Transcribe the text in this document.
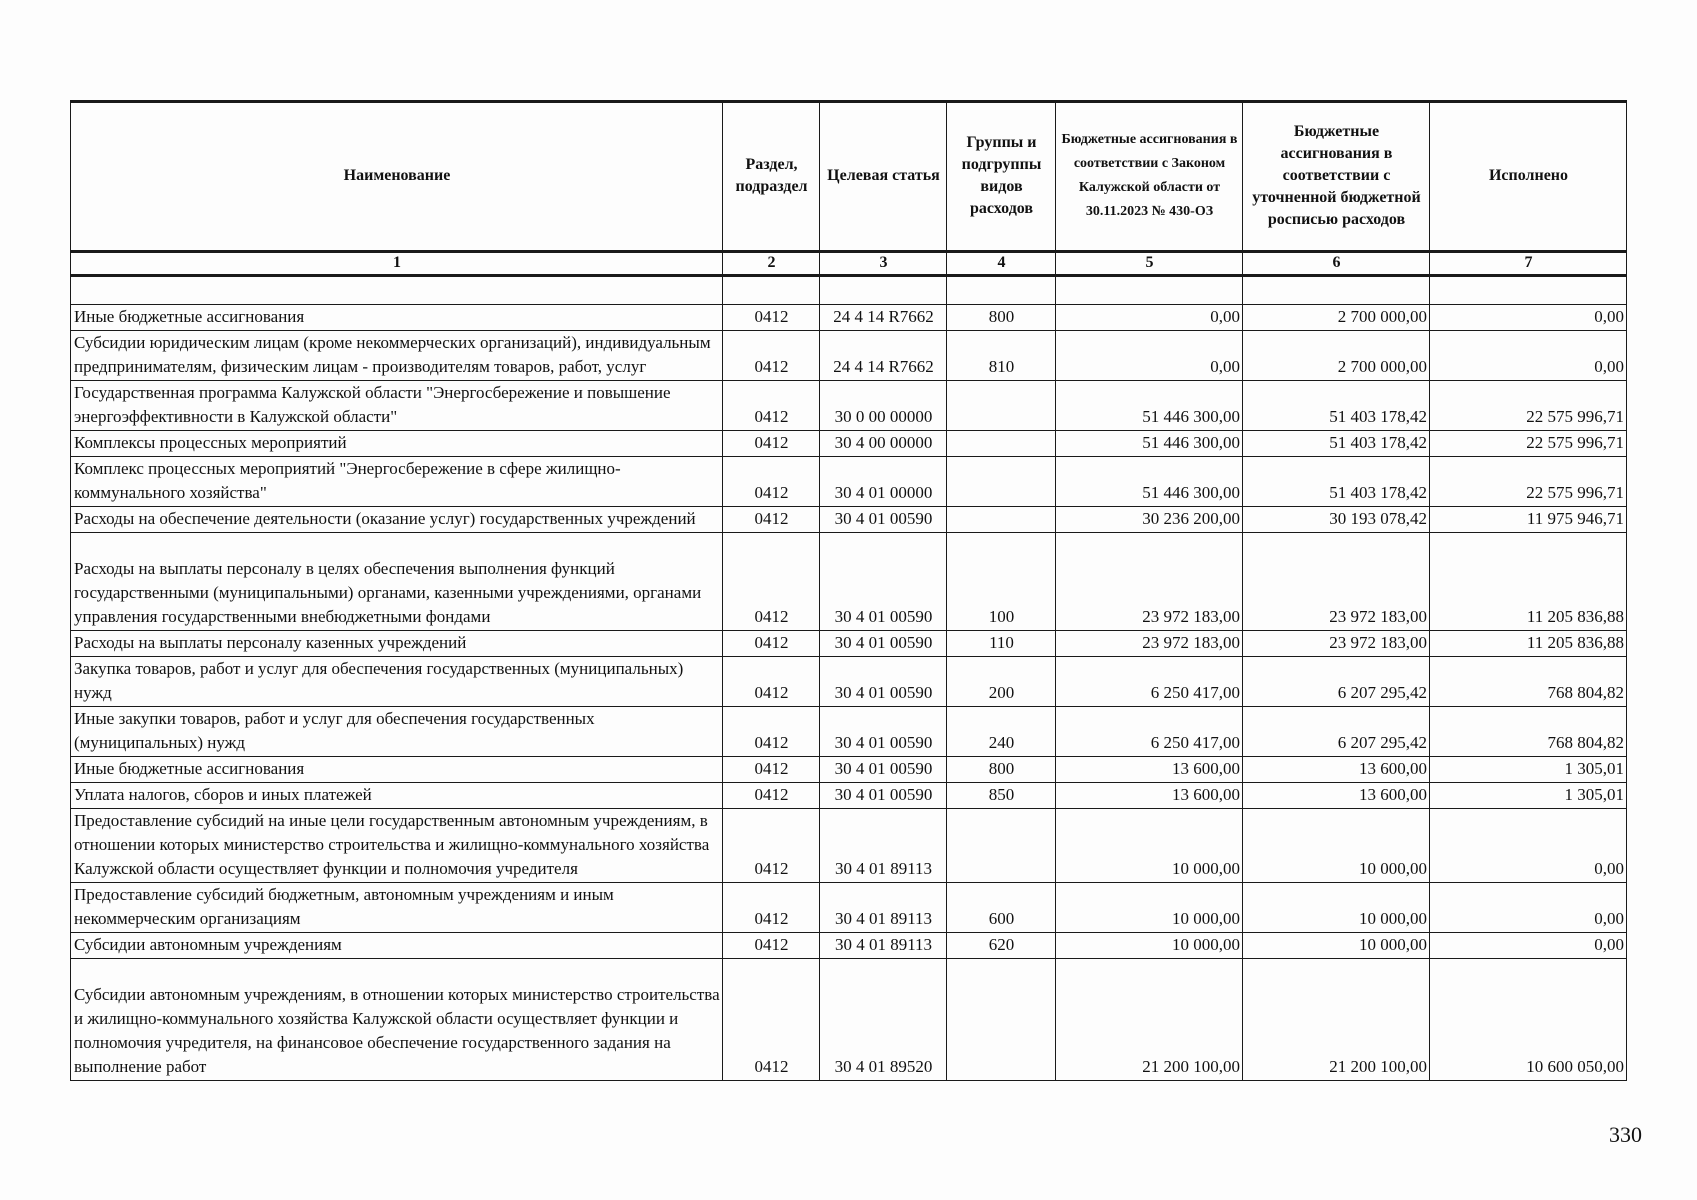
Наименование	Раздел, подраздел	Целевая статья	Группы и подгруппы видов расходов	Бюджетные ассигнования в соответствии с Законом Калужской области от 30.11.2023 № 430-ОЗ	Бюджетные ассигнования в соответствии с уточненной бюджетной росписью расходов	Исполнено
1	2	3	4	5	6	7

Иные бюджетные ассигнования	0412	24 4 14 R7662	800	0,00	2 700 000,00	0,00
Субсидии юридическим лицам (кроме некоммерческих организаций), индивидуальным предпринимателям, физическим лицам - производителям товаров, работ, услуг	0412	24 4 14 R7662	810	0,00	2 700 000,00	0,00
Государственная программа Калужской области "Энергосбережение и повышение энергоэффективности в Калужской области"	0412	30 0 00 00000		51 446 300,00	51 403 178,42	22 575 996,71
Комплексы процессных мероприятий	0412	30 4 00 00000		51 446 300,00	51 403 178,42	22 575 996,71
Комплекс процессных мероприятий "Энергосбережение в сфере жилищно-коммунального хозяйства"	0412	30 4 01 00000		51 446 300,00	51 403 178,42	22 575 996,71
Расходы на обеспечение деятельности (оказание услуг) государственных учреждений	0412	30 4 01 00590		30 236 200,00	30 193 078,42	11 975 946,71
Расходы на выплаты персоналу в целях обеспечения выполнения функций государственными (муниципальными) органами, казенными учреждениями, органами управления государственными внебюджетными фондами	0412	30 4 01 00590	100	23 972 183,00	23 972 183,00	11 205 836,88
Расходы на выплаты персоналу казенных учреждений	0412	30 4 01 00590	110	23 972 183,00	23 972 183,00	11 205 836,88
Закупка товаров, работ и услуг для обеспечения государственных (муниципальных) нужд	0412	30 4 01 00590	200	6 250 417,00	6 207 295,42	768 804,82
Иные закупки товаров, работ и услуг для обеспечения государственных (муниципальных) нужд	0412	30 4 01 00590	240	6 250 417,00	6 207 295,42	768 804,82
Иные бюджетные ассигнования	0412	30 4 01 00590	800	13 600,00	13 600,00	1 305,01
Уплата налогов, сборов и иных платежей	0412	30 4 01 00590	850	13 600,00	13 600,00	1 305,01
Предоставление субсидий на иные цели государственным автономным учреждениям, в отношении которых министерство строительства и жилищно-коммунального хозяйства Калужской области осуществляет функции и полномочия учредителя	0412	30 4 01 89113		10 000,00	10 000,00	0,00
Предоставление субсидий бюджетным, автономным учреждениям и иным некоммерческим организациям	0412	30 4 01 89113	600	10 000,00	10 000,00	0,00
Субсидии автономным учреждениям	0412	30 4 01 89113	620	10 000,00	10 000,00	0,00
Субсидии автономным учреждениям, в отношении которых министерство строительства и жилищно-коммунального хозяйства Калужской области осуществляет функции и полномочия учредителя, на финансовое обеспечение государственного задания на выполнение работ	0412	30 4 01 89520		21 200 100,00	21 200 100,00	10 600 050,00
330
